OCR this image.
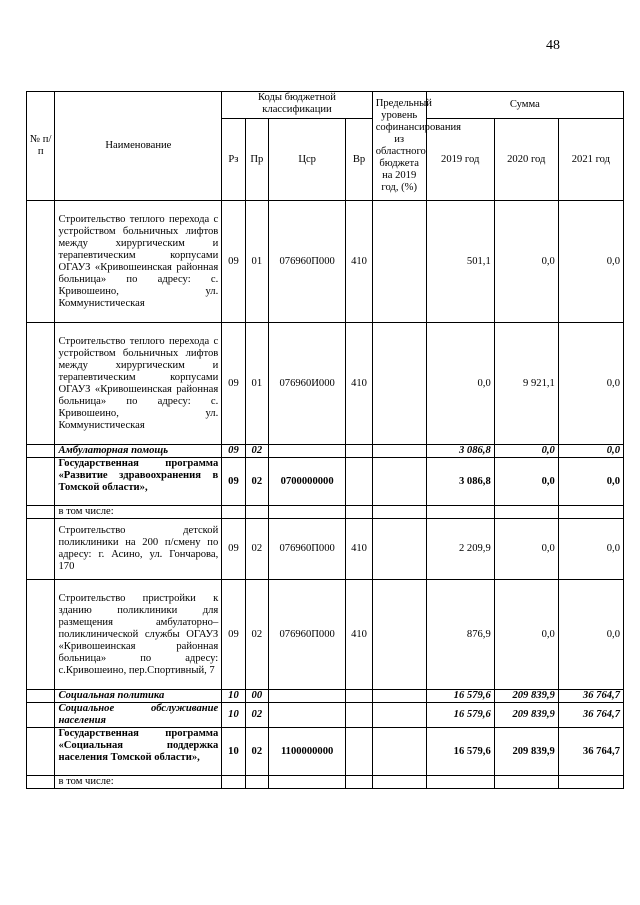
48
№ п/п	Наименование	Коды бюджетной классификации				Предельный уровень софинансирования из областного бюджета на 2019 год, (%)	Сумма		
		Рз	Пр	Цср	Вр		2019 год	2020 год	2021 год
	Строительство теплого перехода с устройством больничных лифтов между хирургическим и терапевтическим корпусами ОГАУЗ «Кривошеинская районная больница» по адресу: с. Кривошеино, ул. Коммунистическая	09	01	076960П000	410		501,1	0,0	0,0
	Строительство теплого перехода с устройством больничных лифтов между хирургическим и терапевтическим корпусами ОГАУЗ «Кривошеинская районная больница» по адресу: с. Кривошеино, ул. Коммунистическая	09	01	076960И000	410		0,0	9 921,1	0,0
	Амбулаторная помощь	09	02				3 086,8	0,0	0,0
	Государственная программа «Развитие здравоохранения в Томской области»,	09	02	0700000000			3 086,8	0,0	0,0
	в том числе:								
	Строительство детской поликлиники на 200 п/смену по адресу: г. Асино, ул. Гончарова, 170	09	02	076960П000	410		2 209,9	0,0	0,0
	Строительство пристройки к зданию поликлиники для размещения амбулаторно–поликлинической службы ОГАУЗ «Кривошеинская районная больница» по адресу: с.Кривошеино, пер.Спортивный, 7	09	02	076960П000	410		876,9	0,0	0,0
	Социальная политика	10	00				16 579,6	209 839,9	36 764,7
	Социальное обслуживание населения	10	02				16 579,6	209 839,9	36 764,7
	Государственная программа «Социальная поддержка населения Томской области»,	10	02	1100000000			16 579,6	209 839,9	36 764,7
	в том числе:								
